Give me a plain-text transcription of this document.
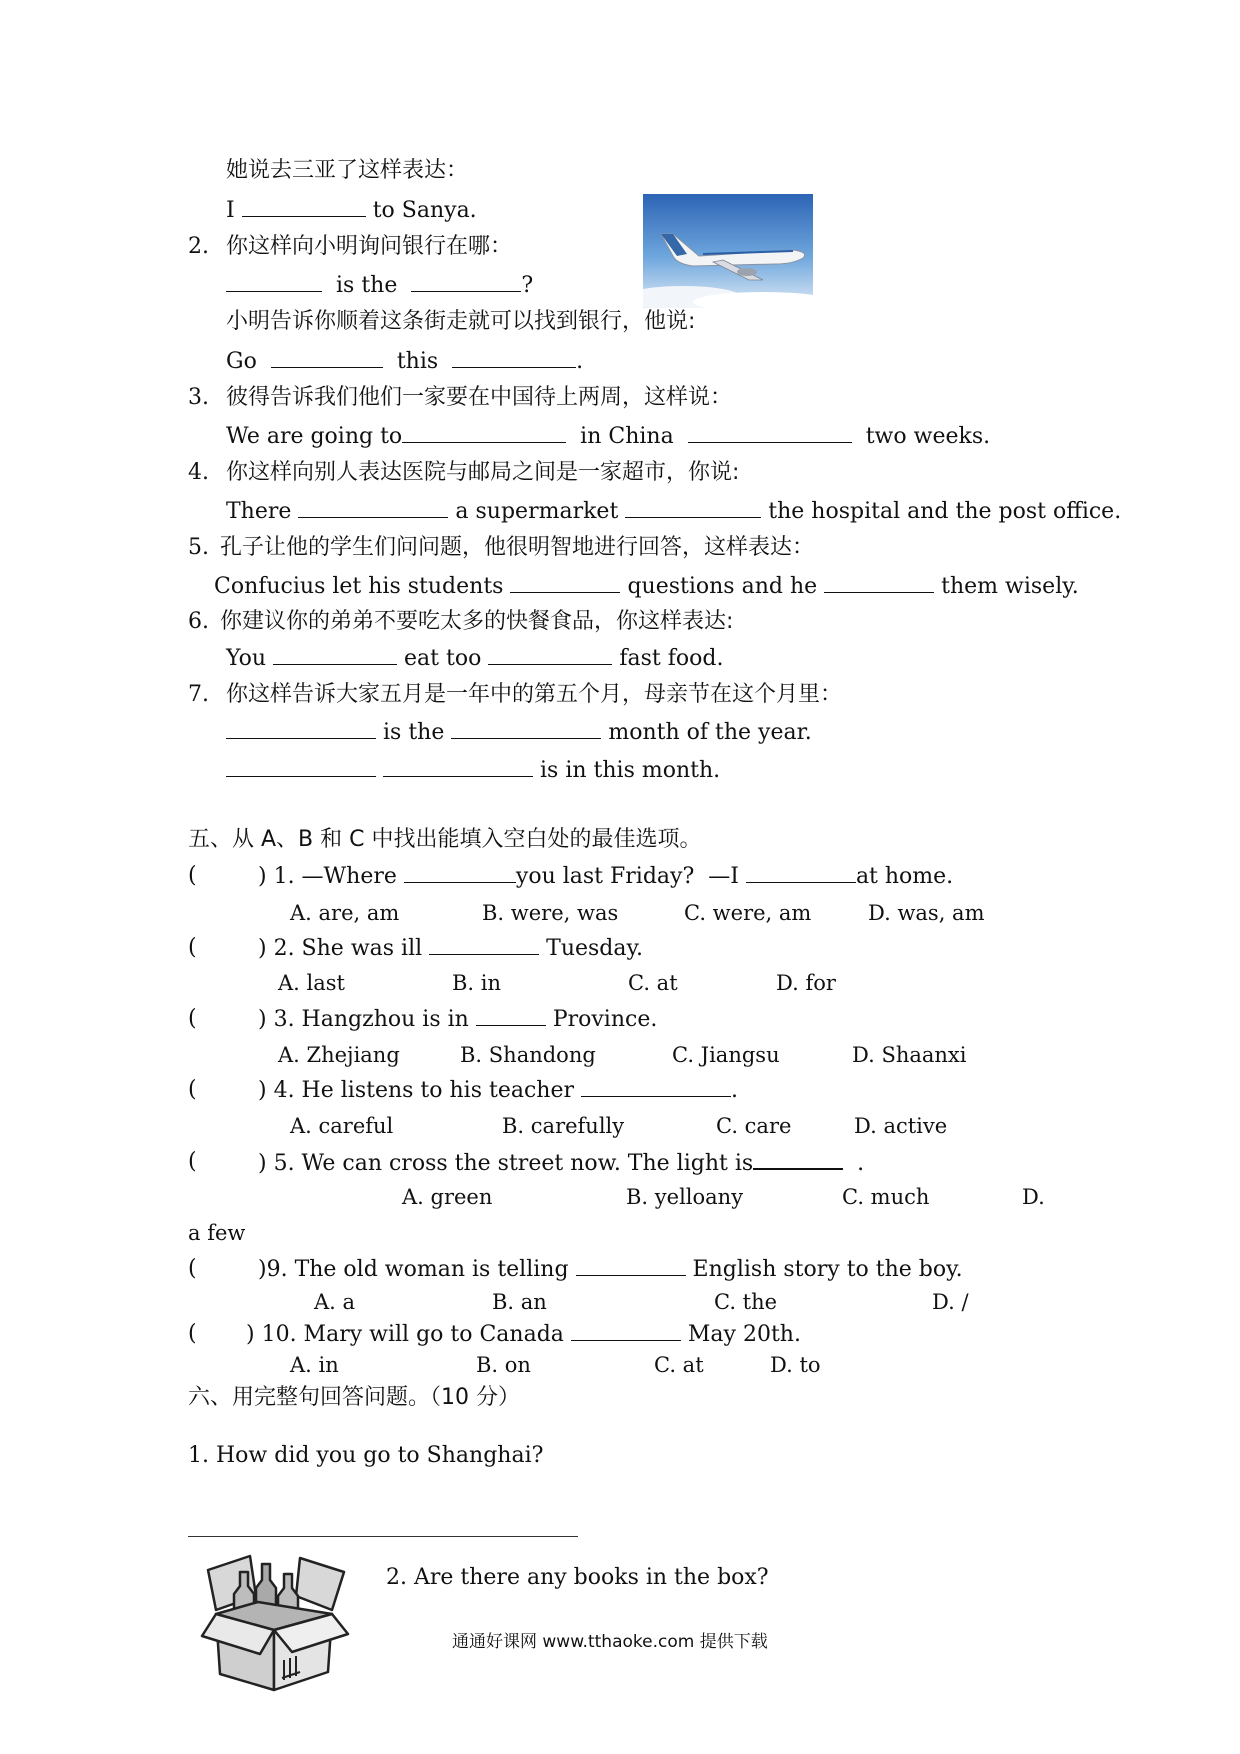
她说去三亚了这样表达：
I	to Sanya.
2. 你这样向小明询问银行在哪：
is the	?
小明告诉你顺着这条街走就可以找到银行，他说:
Go	this	.
3. 彼得告诉我们他们一家要在中国待上两周，这样说：
We are going to	in China	two weeks.
4. 你这样向别人表达医院与邮局之间是一家超市，你说:
There	a supermarket	the hospital and the post office.
5. 孔子让他的学生们问问题，他很明智地进行回答，这样表达：
Confucius let his students	questions and he	them wisely.
6. 你建议你的弟弟不要吃太多的快餐食品，你这样表达:
You	eat too	fast food.
7. 你这样告诉大家五月是一年中的第五个月，母亲节在这个月里：
is the	month of the year.
is in this month.
五、从 A、B 和 C 中找出能填入空白处的最佳选项。
(	) 1. —Where	you last Friday?  —I	at home.
A. are, am	B. were, was	C. were, am	D. was, am
(	) 2. She was ill	Tuesday.
A. last	B. in	C. at	D. for
(	) 3. Hangzhou is in	Province.
A. Zhejiang	B. Shandong	C. Jiangsu	D. Shaanxi
(	) 4. He listens to his teacher	.
A. careful	B. carefully	C. care	D. active
(	) 5. We can cross the street now. The light is	.
A. green	B. yelloany	C. much	D.
a few
(	)9. The old woman is telling	English story to the boy.
A. a	B. an	C. the	D. /
( ) 10. Mary will go to Canada	May 20th.
A. in	B. on	C. at	D. to
六、用完整句回答问题。（10 分）
1. How did you go to Shanghai?
2. Are there any books in the box?
通通好课网 www.tthaoke.com 提供下载
